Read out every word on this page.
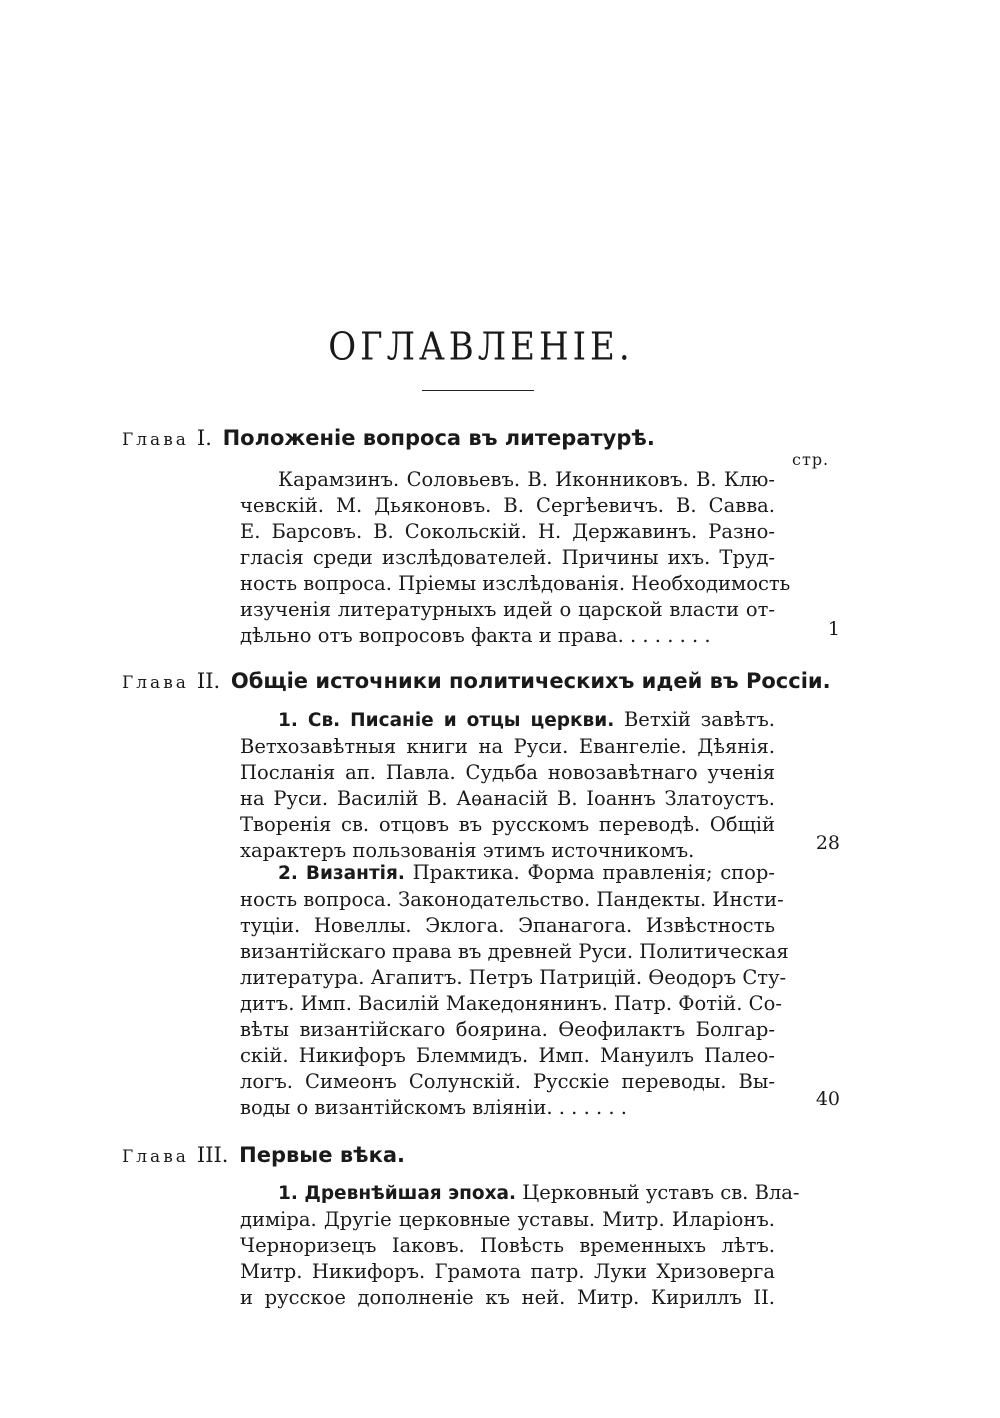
ОГЛАВЛЕНIЕ.
стр.
Глава I. Положенiе вопроса въ литературѣ.
Карамзинъ. Соловьевъ. В. Иконниковъ. В. Клю-
чевскiй. М. Дьяконовъ. В. Сергѣевичъ. В. Савва.
Е. Барсовъ. В. Сокольскiй. Н. Державинъ. Разно-
гласiя среди изслѣдователей. Причины ихъ. Труд-
ность вопроса. Прiемы изслѣдованiя. Необходимость
изученiя литературныхъ идей о царской власти от-
дѣльно отъ вопросовъ факта и права. . . . . . . .	1
Глава II. Общiе источники политическихъ идей въ Россiи.
1. Св. Писанiе и отцы церкви. Ветхiй завѣтъ.
Ветхозавѣтныя книги на Руси. Евангелiе. Дѣянiя.
Посланiя ап. Павла. Судьба новозавѣтнаго ученiя
на Руси. Василiй В. Аѳанасiй В. Iоаннъ Златоустъ.
Творенiя св. отцовъ въ русскомъ переводѣ. Общiй
характеръ пользованiя этимъ источникомъ.	28
2. Византiя. Практика. Форма правленiя; спор-
ность вопроса. Законодательство. Пандекты. Инсти-
туцiи. Новеллы. Эклога. Эпанагога. Извѣстность
византiйскаго права въ древней Руси. Политическая
литература. Агапитъ. Петръ Патрицiй. Ѳеодоръ Сту-
дитъ. Имп. Василiй Македонянинъ. Патр. Фотiй. Со-
вѣты византiйскаго боярина. Ѳеофилактъ Болгар-
скiй. Никифоръ Блеммидъ. Имп. Мануилъ Палео-
логъ. Симеонъ Солунскiй. Русскiе переводы. Вы-
воды о византiйскомъ влiянiи. . . . . . .	40
Глава III. Первые вѣка.
1. Древнѣйшая эпоха. Церковный уставъ св. Вла-
димiра. Другiе церковные уставы. Митр. Иларiонъ.
Черноризецъ Iаковъ. Повѣсть временныхъ лѣтъ.
Митр. Никифоръ. Грамота патр. Луки Хризоверга
и русское дополненiе къ ней. Митр. Кириллъ II.
